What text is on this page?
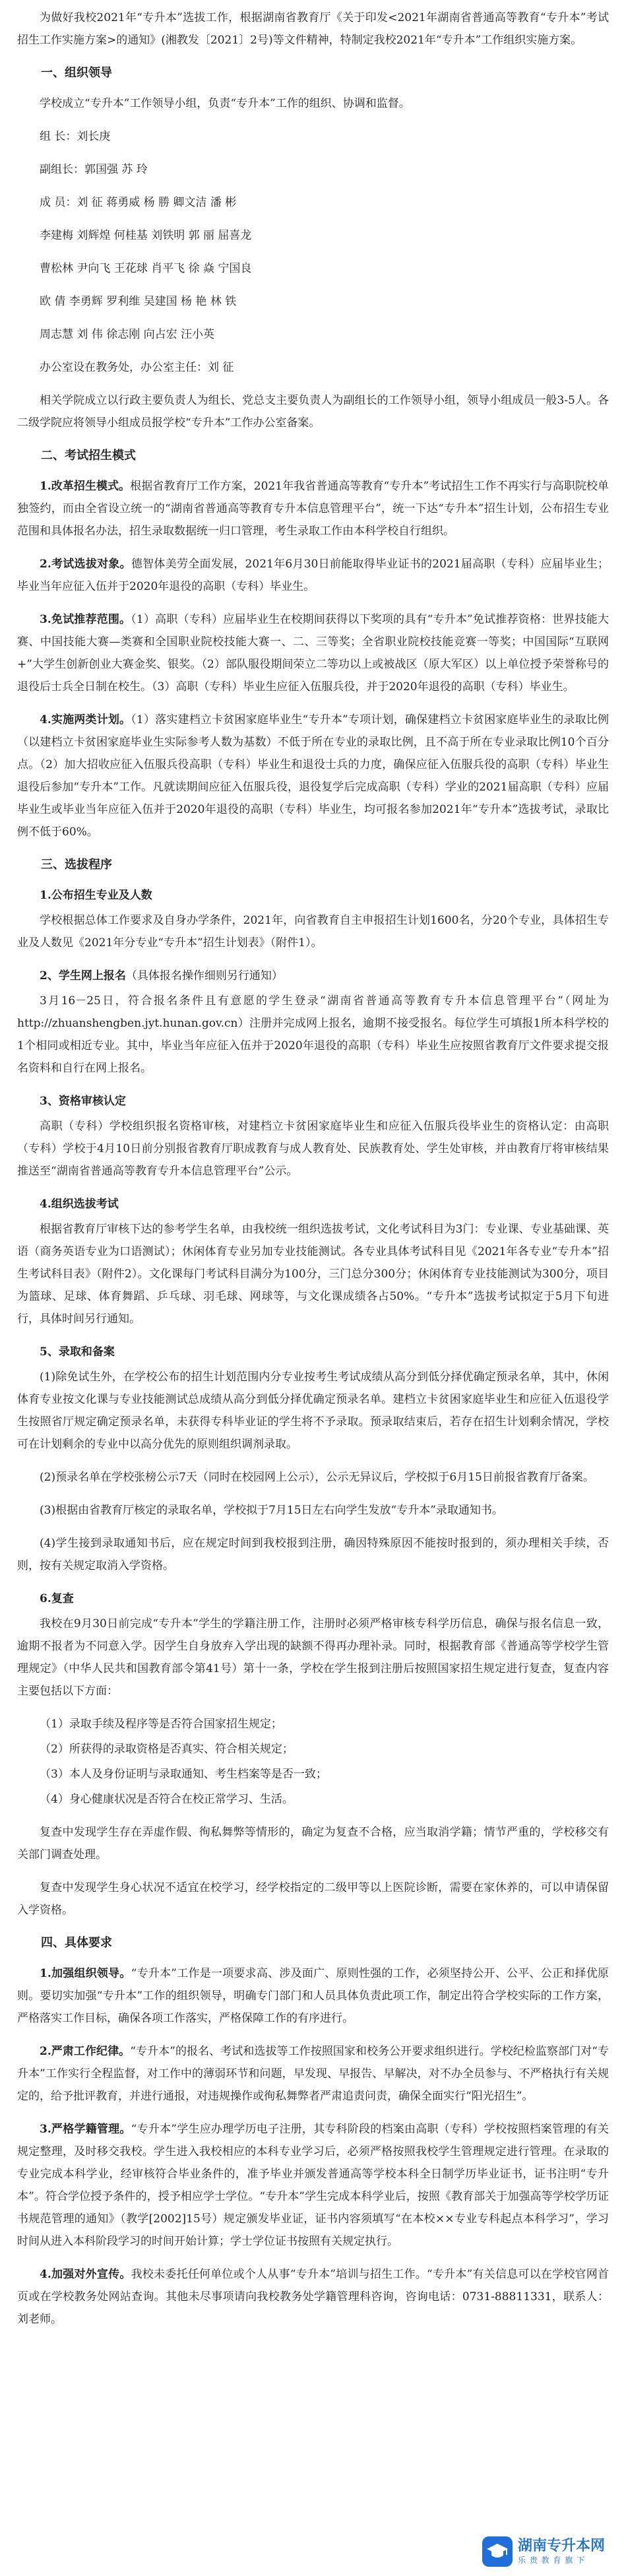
为做好我校2021年“专升本”选拔工作，根据湖南省教育厅《关于印发<2021年湖南省普通高等教育“专升本”考试招生工作实施方案>的通知》(湘教发〔2021〕2号)等文件精神，特制定我校2021年“专升本”工作组织实施方案。

一、组织领导

学校成立“专升本”工作领导小组，负责“专升本”工作的组织、协调和监督。

组 长：刘长庚
副组长：郭国强 苏 玲
成 员：刘 征 蒋勇威 杨 勝 卿文洁 潘 彬
李建梅 刘辉煌 何桂基 刘铁明 郭 丽 屈喜龙
曹松林 尹向飞 王花球 肖平飞 徐 焱 宁国良
欧 倩 李勇辉 罗利维 吴建国 杨 艳 林 铁
周志慧 刘 伟 徐志刚 向占宏 汪小英
办公室设在教务处，办公室主任：刘 征

相关学院成立以行政主要负责人为组长、党总支主要负责人为副组长的工作领导小组，领导小组成员一般3-5人。各二级学院应将领导小组成员报学校“专升本”工作办公室备案。

二、考试招生模式

1.改革招生模式。根据省教育厅工作方案，2021年我省普通高等教育“专升本”考试招生工作不再实行与高职院校单独签约，而由全省设立统一的“湖南省普通高等教育专升本信息管理平台”，统一下达“专升本”招生计划，公布招生专业范围和具体报名办法，招生录取数据统一归口管理，考生录取工作由本科学校自行组织。

2.考试选拔对象。德智体美劳全面发展，2021年6月30日前能取得毕业证书的2021届高职（专科）应届毕业生；毕业当年应征入伍并于2020年退役的高职（专科）毕业生。

3.免试推荐范围。（1）高职（专科）应届毕业生在校期间获得以下奖项的具有“专升本”免试推荐资格：世界技能大赛、中国技能大赛—类赛和全国职业院校技能大赛一、二、三等奖；全省职业院校技能竞赛一等奖；中国国际“互联网+”大学生创新创业大赛金奖、银奖。（2）部队服役期间荣立二等功以上或被战区（原大军区）以上单位授予荣誉称号的退役后士兵全日制在校生。（3）高职（专科）毕业生应征入伍服兵役，并于2020年退役的高职（专科）毕业生。

4.实施两类计划。（1）落实建档立卡贫困家庭毕业生“专升本”专项计划，确保建档立卡贫困家庭毕业生的录取比例（以建档立卡贫困家庭毕业生实际参考人数为基数）不低于所在专业的录取比例，且不高于所在专业录取比例10个百分点。（2）加大招收应征入伍服兵役高职（专科）毕业生和退役士兵的力度，确保应征入伍服兵役的高职（专科）毕业生退役后参加“专升本”工作。凡就读期间应征入伍服兵役，退役复学后完成高职（专科）学业的2021届高职（专科）应届毕业生或毕业当年应征入伍并于2020年退役的高职（专科）毕业生，均可报名参加2021年“专升本”选拔考试，录取比例不低于60%。

三、选拔程序

1.公布招生专业及人数

学校根据总体工作要求及自身办学条件，2021年，向省教育自主申报招生计划1600名，分20个专业，具体招生专业及人数见《2021年分专业“专升本”招生计划表》（附件1）。

2、学生网上报名（具体报名操作细则另行通知）

3月16－25日，符合报名条件且有意愿的学生登录“湖南省普通高等教育专升本信息管理平台”（网址为http://zhuanshengben.jyt.hunan.gov.cn）注册并完成网上报名，逾期不接受报名。每位学生可填报1所本科学校的1个相同或相近专业。其中，毕业当年应征入伍并于2020年退役的高职（专科）毕业生应按照省教育厅文件要求提交报名资料和自行在网上报名。

3、资格审核认定

高职（专科）学校组织报名资格审核，对建档立卡贫困家庭毕业生和应征入伍服兵役毕业生的资格认定：由高职（专科）学校于4月10日前分别报省教育厅职成教育与成人教育处、民族教育处、学生处审核，并由教育厅将审核结果推送至“湖南省普通高等教育专升本信息管理平台”公示。

4.组织选拔考试

根据省教育厅审核下达的参考学生名单，由我校统一组织选拔考试，文化考试科目为3门：专业课、专业基础课、英语（商务英语专业为口语测试）；休闲体育专业另加专业技能测试。各专业具体考试科目见《2021年各专业“专升本”招生考试科目表》（附件2）。文化课每门考试科目满分为100分，三门总分300分；休闲体育专业技能测试为300分，项目为篮球、足球、体育舞蹈、乒乓球、羽毛球、网球等，与文化课成绩各占50%。“专升本”选拔考试拟定于5月下旬进行，具体时间另行通知。

5、录取和备案

(1)除免试生外，在学校公布的招生计划范围内分专业按考生考试成绩从高分到低分择优确定预录名单，其中，休闲体育专业按文化课与专业技能测试总成绩从高分到低分择优确定预录名单。建档立卡贫困家庭毕业生和应征入伍退役学生按照省厅规定确定预录名单，未获得专科毕业证的学生将不予录取。预录取结束后，若存在招生计划剩余情况，学校可在计划剩余的专业中以高分优先的原则组织调剂录取。

(2)预录名单在学校张榜公示7天（同时在校园网上公示），公示无异议后，学校拟于6月15日前报省教育厅备案。

(3)根据由省教育厅核定的录取名单，学校拟于7月15日左右向学生发放“专升本”录取通知书。

(4)学生接到录取通知书后，应在规定时间到我校报到注册，确因特殊原因不能按时报到的，须办理相关手续，否则，按有关规定取消入学资格。

6.复查

我校在9月30日前完成“专升本”学生的学籍注册工作，注册时必须严格审核专科学历信息，确保与报名信息一致，逾期不报者为不同意入学。因学生自身放弃入学出现的缺额不得再办理补录。同时，根据教育部《普通高等学校学生管理规定》（中华人民共和国教育部令第41号）第十一条，学校在学生报到注册后按照国家招生规定进行复查，复查内容主要包括以下方面：

（1）录取手续及程序等是否符合国家招生规定；

（2）所获得的录取资格是否真实、符合相关规定；

（3）本人及身份证明与录取通知、考生档案等是否一致；

（4）身心健康状况是否符合在校正常学习、生活。

复查中发现学生存在弄虚作假、徇私舞弊等情形的，确定为复查不合格，应当取消学籍；情节严重的，学校移交有关部门调查处理。

复查中发现学生身心状况不适宜在校学习，经学校指定的二级甲等以上医院诊断，需要在家休养的，可以申请保留入学资格。

四、具体要求

1.加强组织领导。“专升本”工作是一项要求高、涉及面广、原则性强的工作，必须坚持公开、公平、公正和择优原则。要切实加强“专升本”工作的组织领导，明确专门部门和人员具体负责此项工作，制定出符合学校实际的工作方案，严格落实工作目标，确保各项工作落实，严格保障工作的有序进行。

2.严肃工作纪律。“专升本”的报名、考试和选拔等工作按照国家和校务公开要求组织进行。学校纪检监察部门对“专升本”工作实行全程监督，对工作中的薄弱环节和问题，早发现、早报告、早解决，对不办全员参与、不严格执行有关规定的，给予批评教育，并进行通报，对违规操作或徇私舞弊者严肃追责问责，确保全面实行“阳光招生”。

3.严格学籍管理。“专升本”学生应办理学历电子注册，其专科阶段的档案由高职（专科）学校按照档案管理的有关规定整理，及时移交我校。学生进入我校相应的本科专业学习后，必须严格按照我校学生管理规定进行管理。在录取的专业完成本科学业，经审核符合毕业条件的，准予毕业并颁发普通高等学校本科全日制学历毕业证书，证书注明“专升本”。符合学位授予条件的，授予相应学士学位。“专升本”学生完成本科学业后，按照《教育部关于加强高等学校学历证书规范管理的通知》（教学[2002]15号）规定颁发毕业证，证书内容须填写“在本校××专业专科起点本科学习”，学习时间从进入本科阶段学习的时间开始计算；学士学位证书按照有关规定执行。

4.加强对外宣传。我校未委托任何单位或个人从事“专升本”培训与招生工作。“专升本”有关信息可以在学校官网首页或在学校教务处网站查询。其他未尽事项请向我校教务处学籍管理科咨询，咨询电话：0731-88811331，联系人：刘老师。

湖南专升本网
乐 贵 教 育 旗 下
